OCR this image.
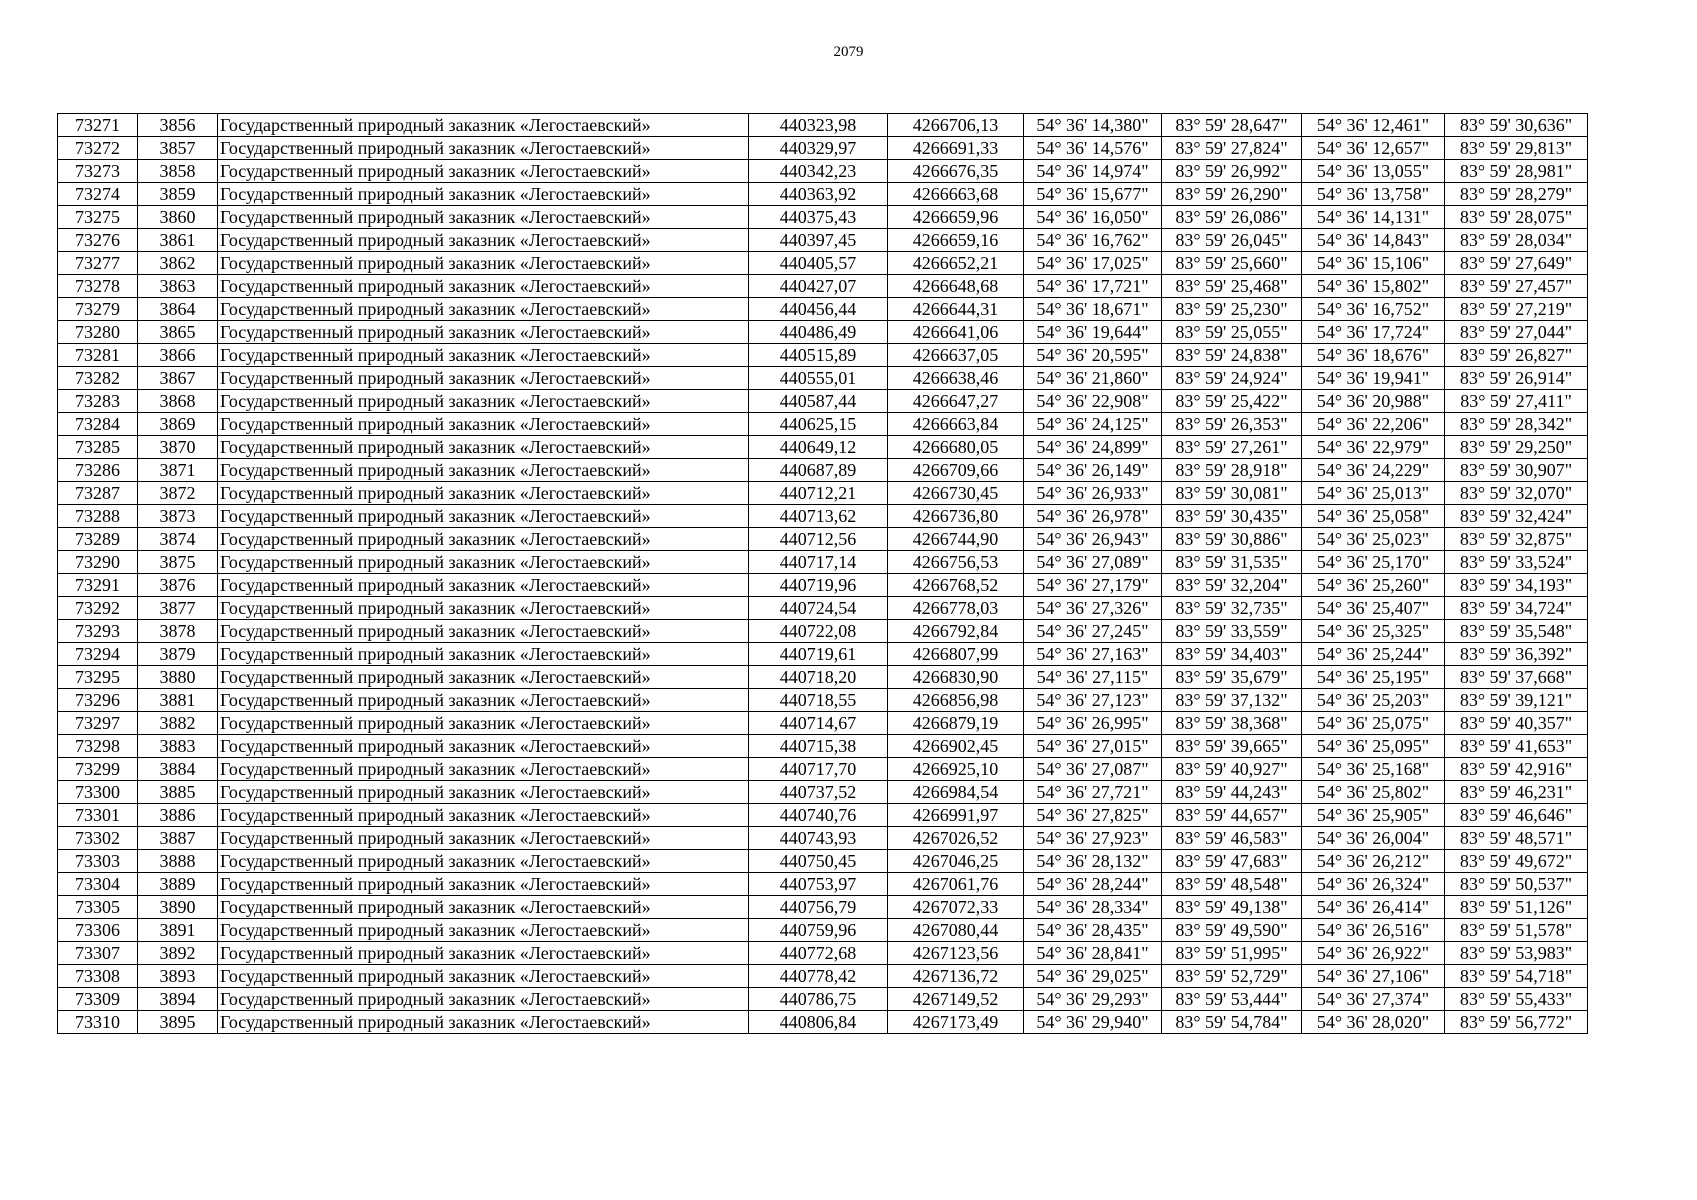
2079
73271	3856	Государственный природный заказник «Легостаевский»	440323,98	4266706,13	54° 36' 14,380"	83° 59' 28,647"	54° 36' 12,461"	83° 59' 30,636"
73272	3857	Государственный природный заказник «Легостаевский»	440329,97	4266691,33	54° 36' 14,576"	83° 59' 27,824"	54° 36' 12,657"	83° 59' 29,813"
73273	3858	Государственный природный заказник «Легостаевский»	440342,23	4266676,35	54° 36' 14,974"	83° 59' 26,992"	54° 36' 13,055"	83° 59' 28,981"
73274	3859	Государственный природный заказник «Легостаевский»	440363,92	4266663,68	54° 36' 15,677"	83° 59' 26,290"	54° 36' 13,758"	83° 59' 28,279"
73275	3860	Государственный природный заказник «Легостаевский»	440375,43	4266659,96	54° 36' 16,050"	83° 59' 26,086"	54° 36' 14,131"	83° 59' 28,075"
73276	3861	Государственный природный заказник «Легостаевский»	440397,45	4266659,16	54° 36' 16,762"	83° 59' 26,045"	54° 36' 14,843"	83° 59' 28,034"
73277	3862	Государственный природный заказник «Легостаевский»	440405,57	4266652,21	54° 36' 17,025"	83° 59' 25,660"	54° 36' 15,106"	83° 59' 27,649"
73278	3863	Государственный природный заказник «Легостаевский»	440427,07	4266648,68	54° 36' 17,721"	83° 59' 25,468"	54° 36' 15,802"	83° 59' 27,457"
73279	3864	Государственный природный заказник «Легостаевский»	440456,44	4266644,31	54° 36' 18,671"	83° 59' 25,230"	54° 36' 16,752"	83° 59' 27,219"
73280	3865	Государственный природный заказник «Легостаевский»	440486,49	4266641,06	54° 36' 19,644"	83° 59' 25,055"	54° 36' 17,724"	83° 59' 27,044"
73281	3866	Государственный природный заказник «Легостаевский»	440515,89	4266637,05	54° 36' 20,595"	83° 59' 24,838"	54° 36' 18,676"	83° 59' 26,827"
73282	3867	Государственный природный заказник «Легостаевский»	440555,01	4266638,46	54° 36' 21,860"	83° 59' 24,924"	54° 36' 19,941"	83° 59' 26,914"
73283	3868	Государственный природный заказник «Легостаевский»	440587,44	4266647,27	54° 36' 22,908"	83° 59' 25,422"	54° 36' 20,988"	83° 59' 27,411"
73284	3869	Государственный природный заказник «Легостаевский»	440625,15	4266663,84	54° 36' 24,125"	83° 59' 26,353"	54° 36' 22,206"	83° 59' 28,342"
73285	3870	Государственный природный заказник «Легостаевский»	440649,12	4266680,05	54° 36' 24,899"	83° 59' 27,261"	54° 36' 22,979"	83° 59' 29,250"
73286	3871	Государственный природный заказник «Легостаевский»	440687,89	4266709,66	54° 36' 26,149"	83° 59' 28,918"	54° 36' 24,229"	83° 59' 30,907"
73287	3872	Государственный природный заказник «Легостаевский»	440712,21	4266730,45	54° 36' 26,933"	83° 59' 30,081"	54° 36' 25,013"	83° 59' 32,070"
73288	3873	Государственный природный заказник «Легостаевский»	440713,62	4266736,80	54° 36' 26,978"	83° 59' 30,435"	54° 36' 25,058"	83° 59' 32,424"
73289	3874	Государственный природный заказник «Легостаевский»	440712,56	4266744,90	54° 36' 26,943"	83° 59' 30,886"	54° 36' 25,023"	83° 59' 32,875"
73290	3875	Государственный природный заказник «Легостаевский»	440717,14	4266756,53	54° 36' 27,089"	83° 59' 31,535"	54° 36' 25,170"	83° 59' 33,524"
73291	3876	Государственный природный заказник «Легостаевский»	440719,96	4266768,52	54° 36' 27,179"	83° 59' 32,204"	54° 36' 25,260"	83° 59' 34,193"
73292	3877	Государственный природный заказник «Легостаевский»	440724,54	4266778,03	54° 36' 27,326"	83° 59' 32,735"	54° 36' 25,407"	83° 59' 34,724"
73293	3878	Государственный природный заказник «Легостаевский»	440722,08	4266792,84	54° 36' 27,245"	83° 59' 33,559"	54° 36' 25,325"	83° 59' 35,548"
73294	3879	Государственный природный заказник «Легостаевский»	440719,61	4266807,99	54° 36' 27,163"	83° 59' 34,403"	54° 36' 25,244"	83° 59' 36,392"
73295	3880	Государственный природный заказник «Легостаевский»	440718,20	4266830,90	54° 36' 27,115"	83° 59' 35,679"	54° 36' 25,195"	83° 59' 37,668"
73296	3881	Государственный природный заказник «Легостаевский»	440718,55	4266856,98	54° 36' 27,123"	83° 59' 37,132"	54° 36' 25,203"	83° 59' 39,121"
73297	3882	Государственный природный заказник «Легостаевский»	440714,67	4266879,19	54° 36' 26,995"	83° 59' 38,368"	54° 36' 25,075"	83° 59' 40,357"
73298	3883	Государственный природный заказник «Легостаевский»	440715,38	4266902,45	54° 36' 27,015"	83° 59' 39,665"	54° 36' 25,095"	83° 59' 41,653"
73299	3884	Государственный природный заказник «Легостаевский»	440717,70	4266925,10	54° 36' 27,087"	83° 59' 40,927"	54° 36' 25,168"	83° 59' 42,916"
73300	3885	Государственный природный заказник «Легостаевский»	440737,52	4266984,54	54° 36' 27,721"	83° 59' 44,243"	54° 36' 25,802"	83° 59' 46,231"
73301	3886	Государственный природный заказник «Легостаевский»	440740,76	4266991,97	54° 36' 27,825"	83° 59' 44,657"	54° 36' 25,905"	83° 59' 46,646"
73302	3887	Государственный природный заказник «Легостаевский»	440743,93	4267026,52	54° 36' 27,923"	83° 59' 46,583"	54° 36' 26,004"	83° 59' 48,571"
73303	3888	Государственный природный заказник «Легостаевский»	440750,45	4267046,25	54° 36' 28,132"	83° 59' 47,683"	54° 36' 26,212"	83° 59' 49,672"
73304	3889	Государственный природный заказник «Легостаевский»	440753,97	4267061,76	54° 36' 28,244"	83° 59' 48,548"	54° 36' 26,324"	83° 59' 50,537"
73305	3890	Государственный природный заказник «Легостаевский»	440756,79	4267072,33	54° 36' 28,334"	83° 59' 49,138"	54° 36' 26,414"	83° 59' 51,126"
73306	3891	Государственный природный заказник «Легостаевский»	440759,96	4267080,44	54° 36' 28,435"	83° 59' 49,590"	54° 36' 26,516"	83° 59' 51,578"
73307	3892	Государственный природный заказник «Легостаевский»	440772,68	4267123,56	54° 36' 28,841"	83° 59' 51,995"	54° 36' 26,922"	83° 59' 53,983"
73308	3893	Государственный природный заказник «Легостаевский»	440778,42	4267136,72	54° 36' 29,025"	83° 59' 52,729"	54° 36' 27,106"	83° 59' 54,718"
73309	3894	Государственный природный заказник «Легостаевский»	440786,75	4267149,52	54° 36' 29,293"	83° 59' 53,444"	54° 36' 27,374"	83° 59' 55,433"
73310	3895	Государственный природный заказник «Легостаевский»	440806,84	4267173,49	54° 36' 29,940"	83° 59' 54,784"	54° 36' 28,020"	83° 59' 56,772"
